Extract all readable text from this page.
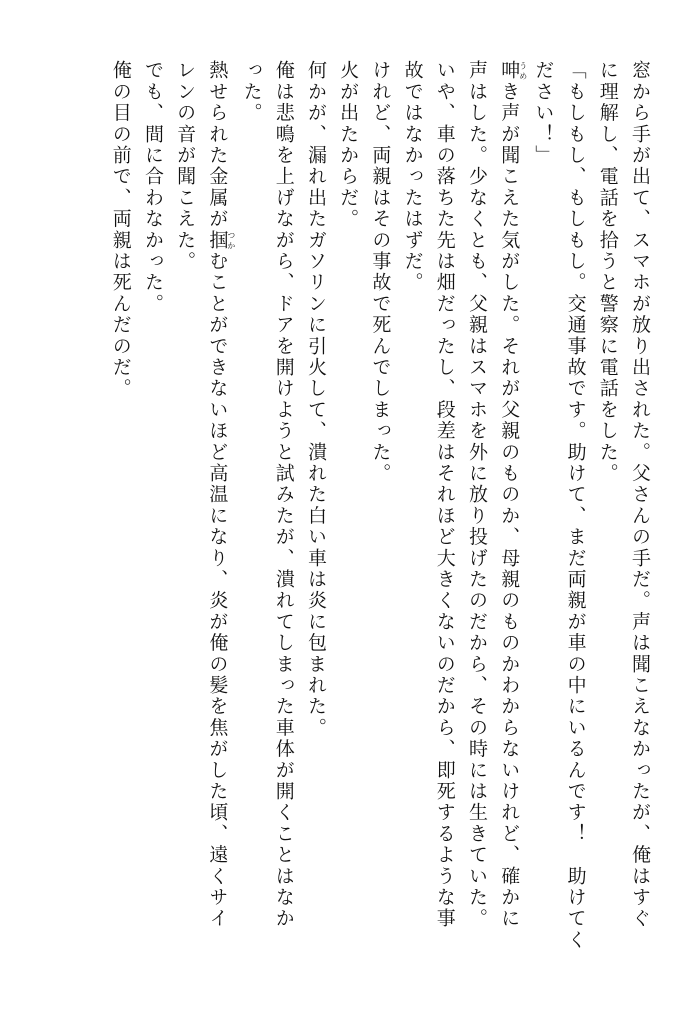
窓から手が出て、スマホが放り出された。父さんの手だ。声は聞こえなかったが、俺はすぐ
に理解し、電話を拾うと警察に電話をした。
「もしもし、もしもし。交通事故です。助けて、まだ両親が車の中にいるんです！　助けてく
ださい！」
呻うめき声が聞こえた気がした。それが父親のものか、母親のものかわからないけれど、確かに
声はした。少なくとも、父親はスマホを外に放り投げたのだから、その時には生きていた。
いや、車の落ちた先は畑だったし、段差はそれほど大きくないのだから、即死するような事
故ではなかったはずだ。
けれど、両親はその事故で死んでしまった。
火が出たからだ。
何かが、漏れ出たガソリンに引火して、潰れた白い車は炎に包まれた。
俺は悲鳴を上げながら、ドアを開けようと試みたが、潰れてしまった車体が開くことはなか
った。
熱せられた金属が掴つかむことができないほど高温になり、炎が俺の髪を焦がした頃、遠くサイ
レンの音が聞こえた。
でも、間に合わなかった。
俺の目の前で、両親は死んだのだ。
